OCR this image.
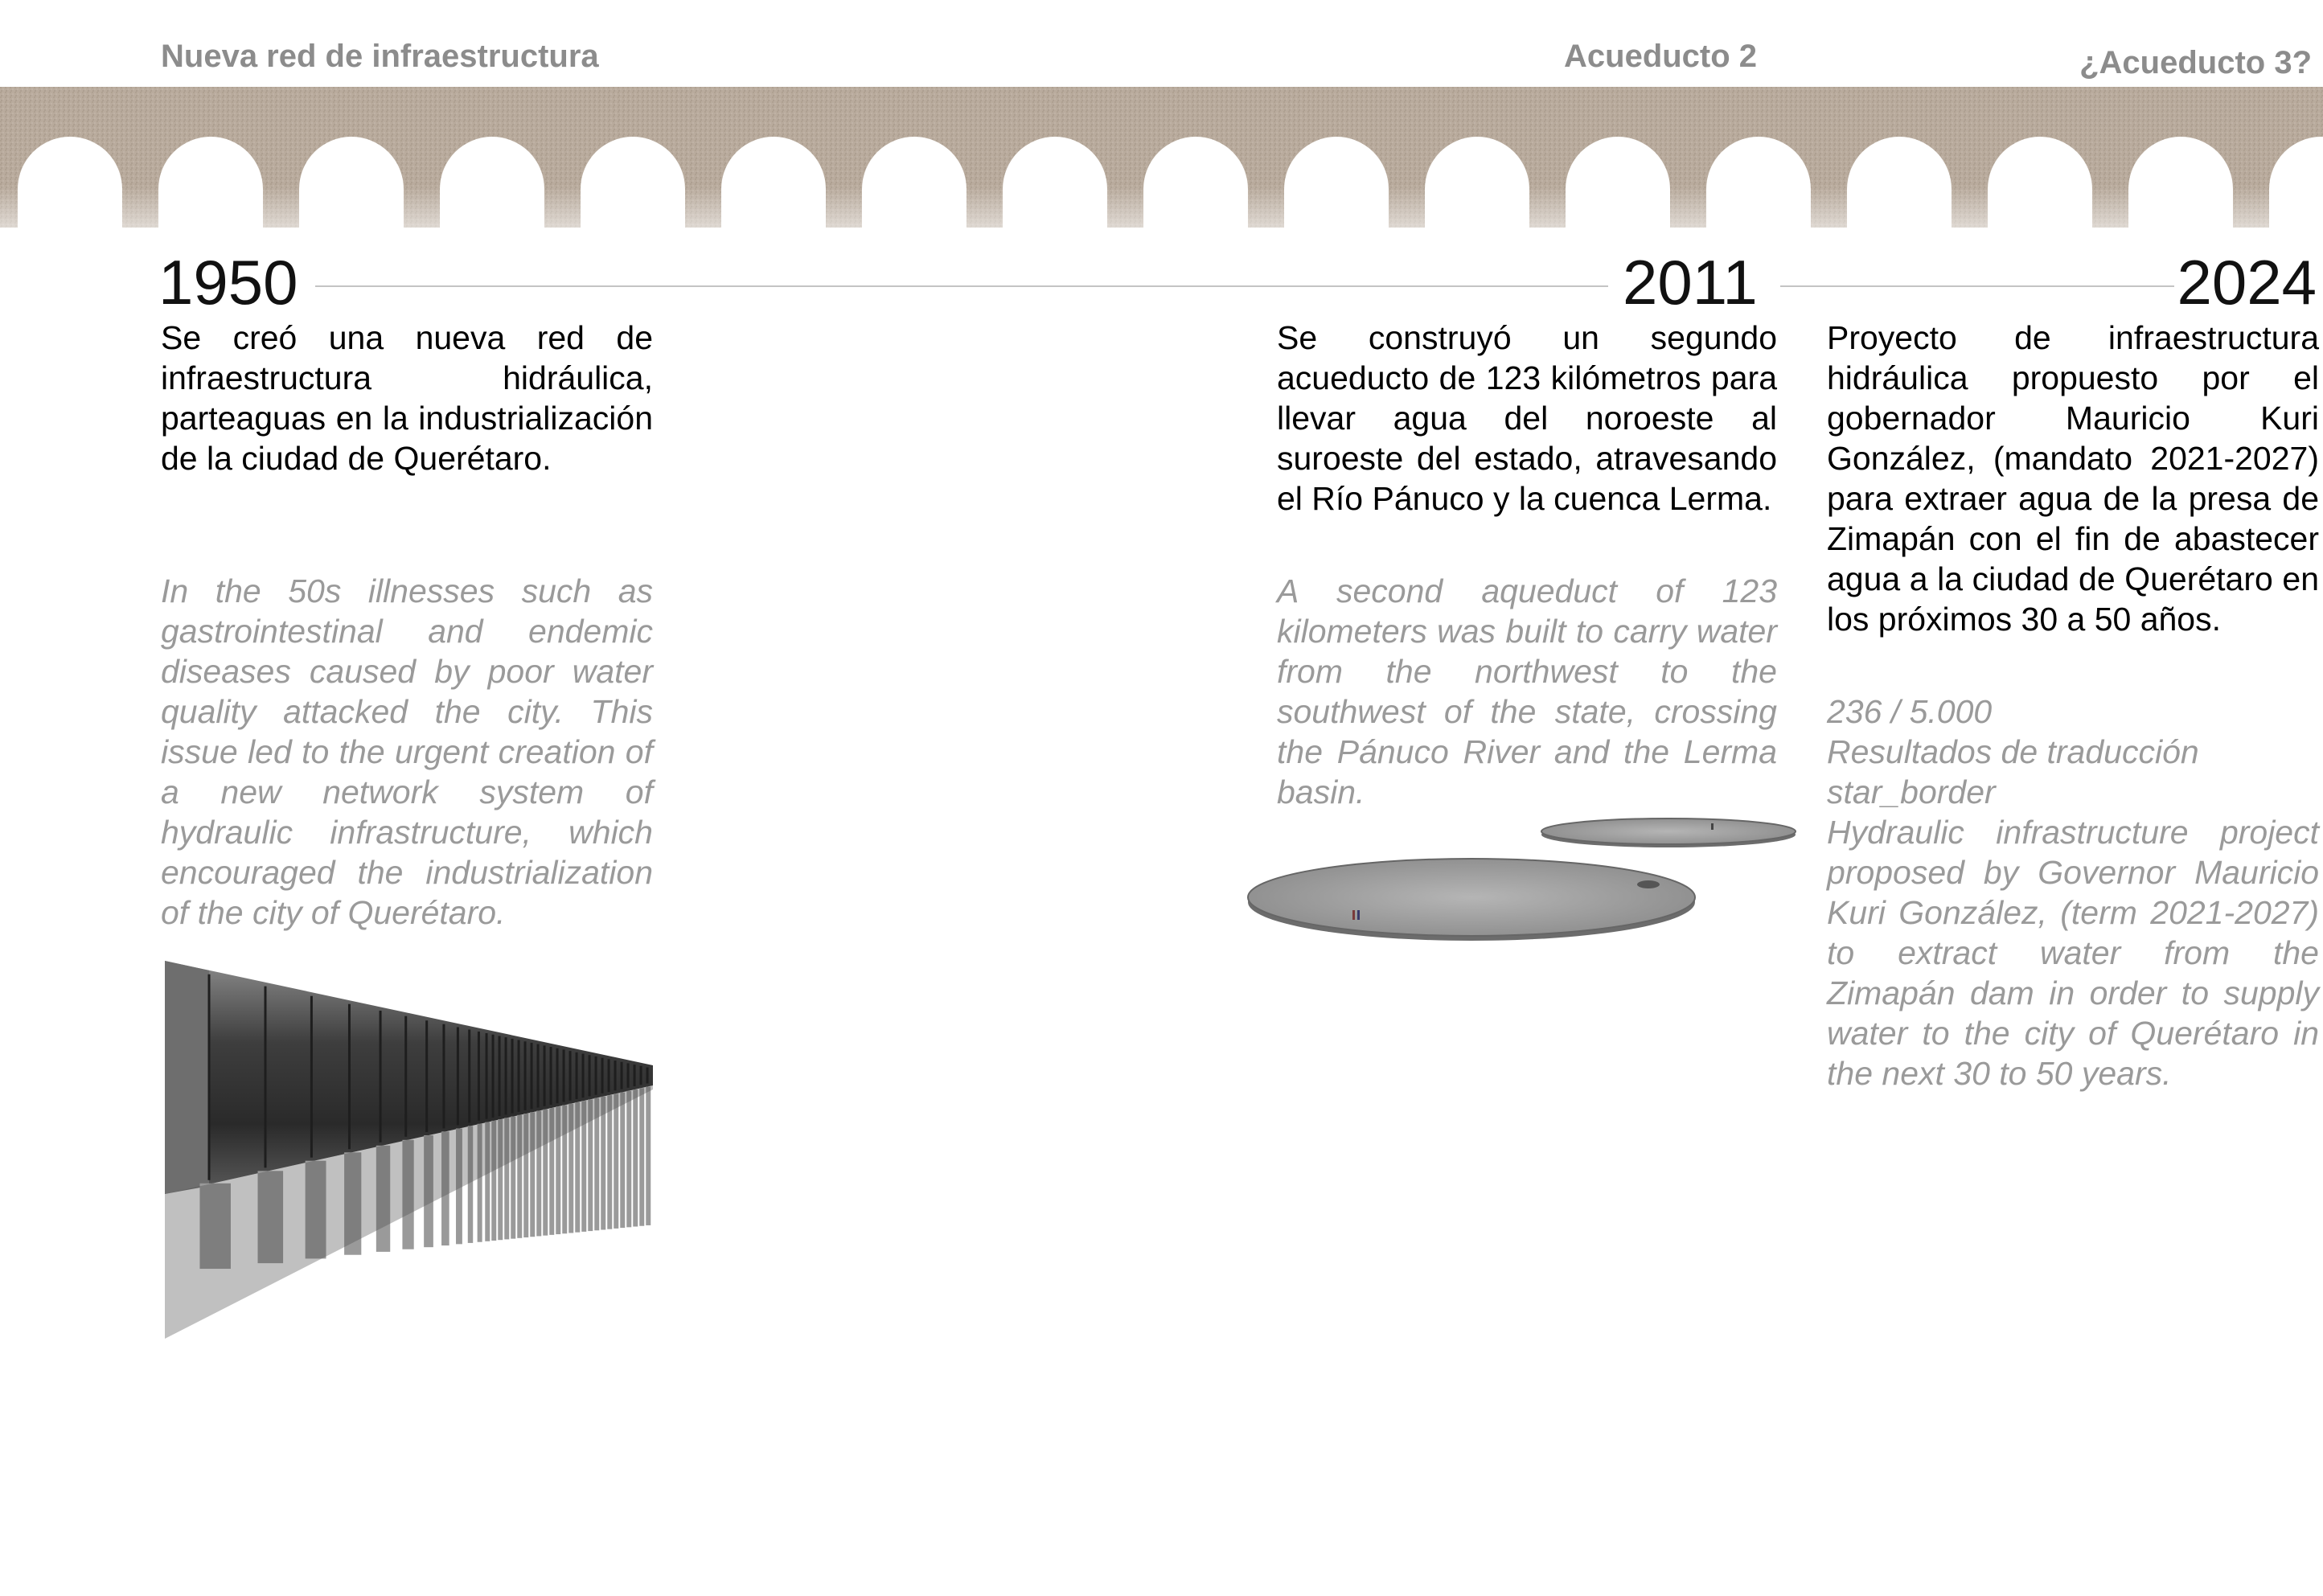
Nueva red de infraestructura	Acueducto 2	¿Acueducto 3?
1950	2011	2024
Se creó una nueva red de infraestructura hidráulica, parteaguas en la industrialización de la ciudad de Querétaro.
In the 50s illnesses such as gastrointestinal and endemic diseases caused by poor water quality attacked the city. This issue led to the urgent creation of a new network system of hydraulic infrastructure, which encouraged the industrialization of the city of Querétaro.
Se construyó un segundo acueducto de 123 kilómetros para llevar agua del noroeste al suroeste del estado, atravesando el Río Pánuco y la cuenca Lerma.
A second aqueduct of 123 kilometers was built to carry water from the northwest to the southwest of the state, crossing the Pánuco River and the Lerma basin.
Proyecto de infraestructura hidráulica propuesto por el gobernador Mauricio Kuri González, (mandato 2021-2027) para extraer agua de la presa de Zimapán con el fin de abastecer agua a la ciudad de Querétaro en los próximos 30 a 50 años.
236 / 5.000
Resultados de traducción
star_border
Hydraulic infrastructure project proposed by Governor Mauricio Kuri González, (term 2021-2027) to extract water from the Zimapán dam in order to supply water to the city of Querétaro in the next 30 to 50 years.
